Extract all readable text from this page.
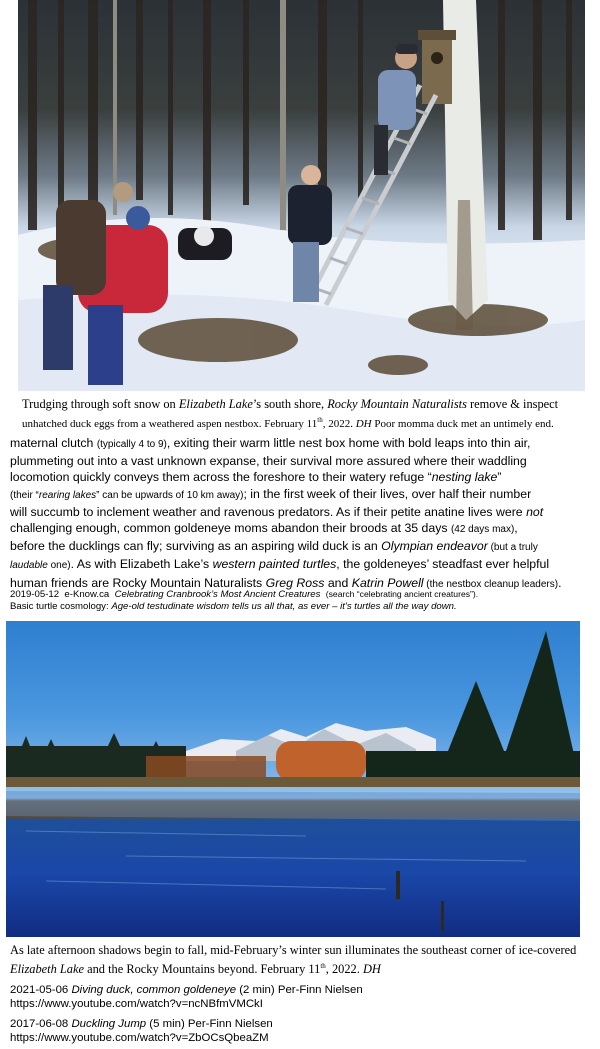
Trudging through soft snow on Elizabeth Lake’s south shore, Rocky Mountain Naturalists remove & inspect
unhatched duck eggs from a weathered aspen nestbox. February 11th, 2022. DH Poor momma duck met an untimely end.
maternal clutch (typically 4 to 9), exiting their warm little nest box home with bold leaps into thin air,
plummeting out into a vast unknown expanse, their survival more assured where their waddling
locomotion quickly conveys them across the foreshore to their watery refuge “nesting lake”
(their “rearing lakes” can be upwards of 10 km away); in the first week of their lives, over half their number
will succumb to inclement weather and ravenous predators. As if their petite anatine lives were not
challenging enough, common goldeneye moms abandon their broods at 35 days (42 days max),
before the ducklings can fly; surviving as an aspiring wild duck is an Olympian endeavor (but a truly
laudable one). As with Elizabeth Lake’s western painted turtles, the goldeneyes’ steadfast ever helpful
human friends are Rocky Mountain Naturalists Greg Ross and Katrin Powell (the nestbox cleanup leaders).
2019-05-12 e-Know.ca Celebrating Cranbrook’s Most Ancient Creatures (search “celebrating ancient creatures”).
Basic turtle cosmology: Age-old testudinate wisdom tells us all that, as ever – it’s turtles all the way down.
As late afternoon shadows begin to fall, mid-February’s winter sun illuminates the southeast corner of ice-covered
Elizabeth Lake and the Rocky Mountains beyond. February 11th, 2022. DH
2021-05-06 Diving duck, common goldeneye (2 min) Per-Finn Nielsen
https://www.youtube.com/watch?v=ncNBfmVMCkI
2017-06-08 Duckling Jump (5 min) Per-Finn Nielsen
https://www.youtube.com/watch?v=ZbOCsQbeaZM
